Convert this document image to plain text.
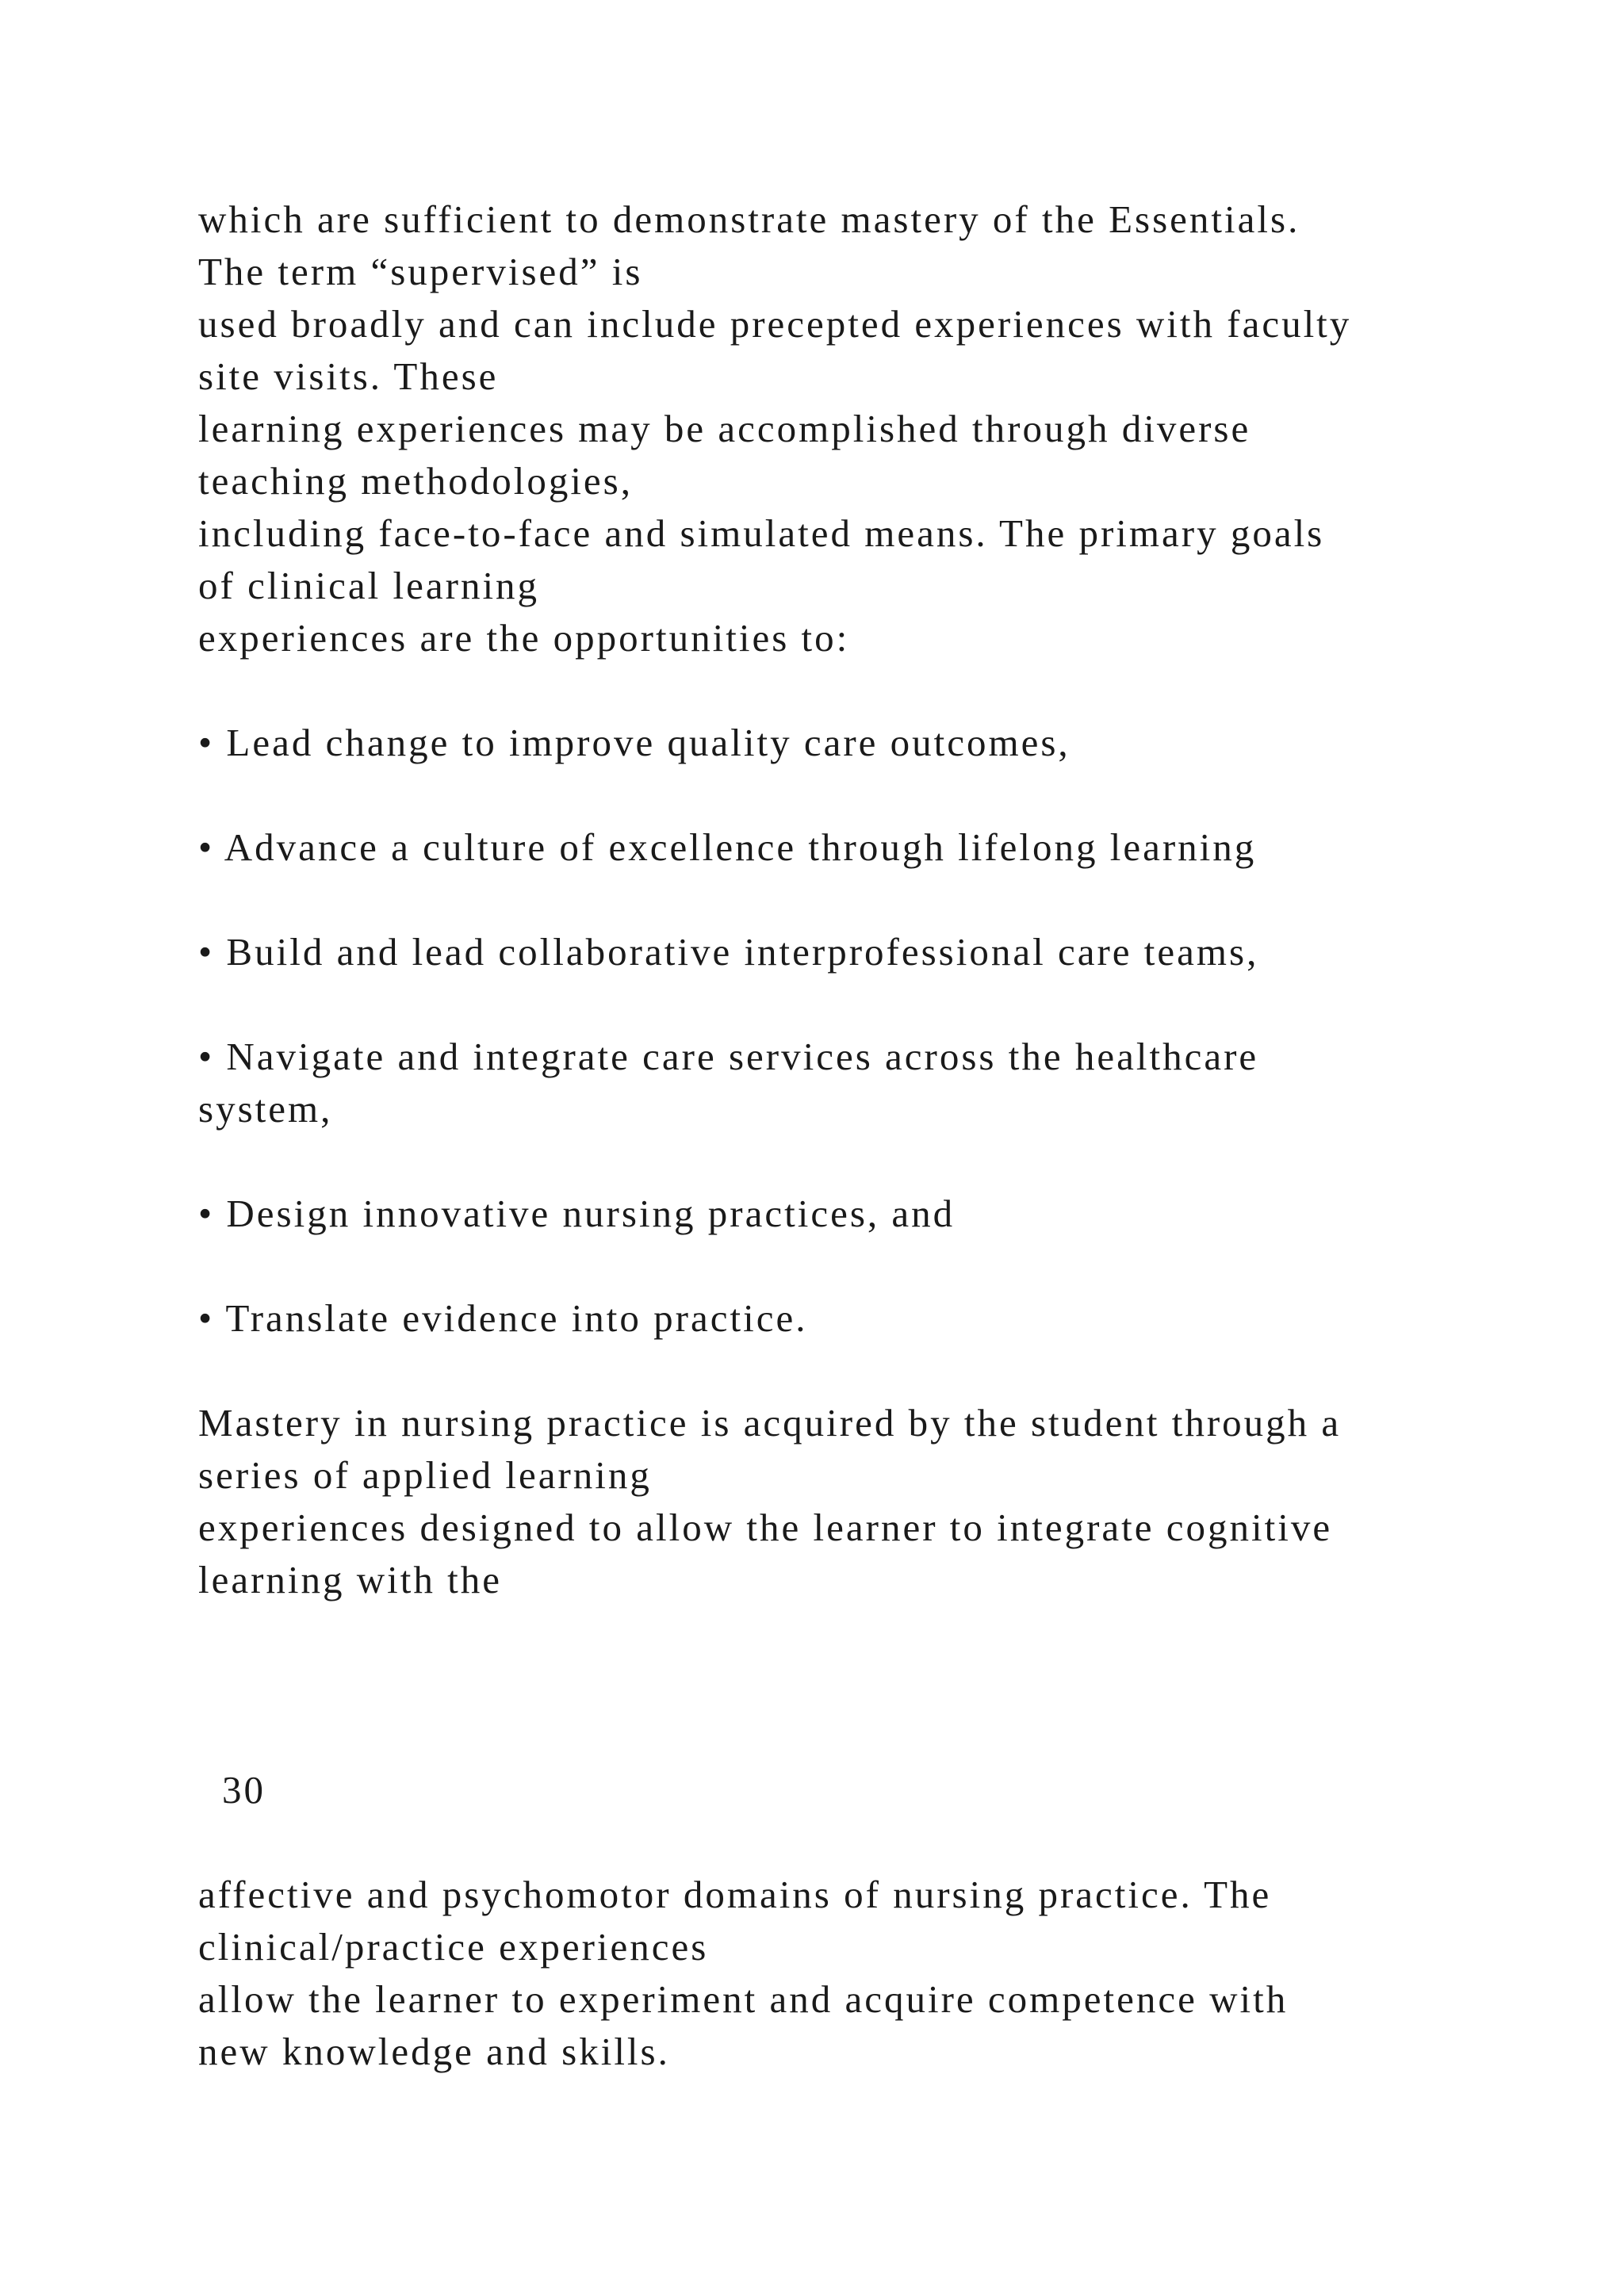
which are sufficient to demonstrate mastery of the Essentials.
The term “supervised” is
used broadly and can include precepted experiences with faculty
site visits. These
learning experiences may be accomplished through diverse
teaching methodologies,
including face-to-face and simulated means. The primary goals
of clinical learning
experiences are the opportunities to:
• Lead change to improve quality care outcomes,
• Advance a culture of excellence through lifelong learning
• Build and lead collaborative interprofessional care teams,
• Navigate and integrate care services across the healthcare
system,
• Design innovative nursing practices, and
• Translate evidence into practice.
Mastery in nursing practice is acquired by the student through a
series of applied learning
experiences designed to allow the learner to integrate cognitive
learning with the
30
affective and psychomotor domains of nursing practice. The
clinical/practice experiences
allow the learner to experiment and acquire competence with
new knowledge and skills.
